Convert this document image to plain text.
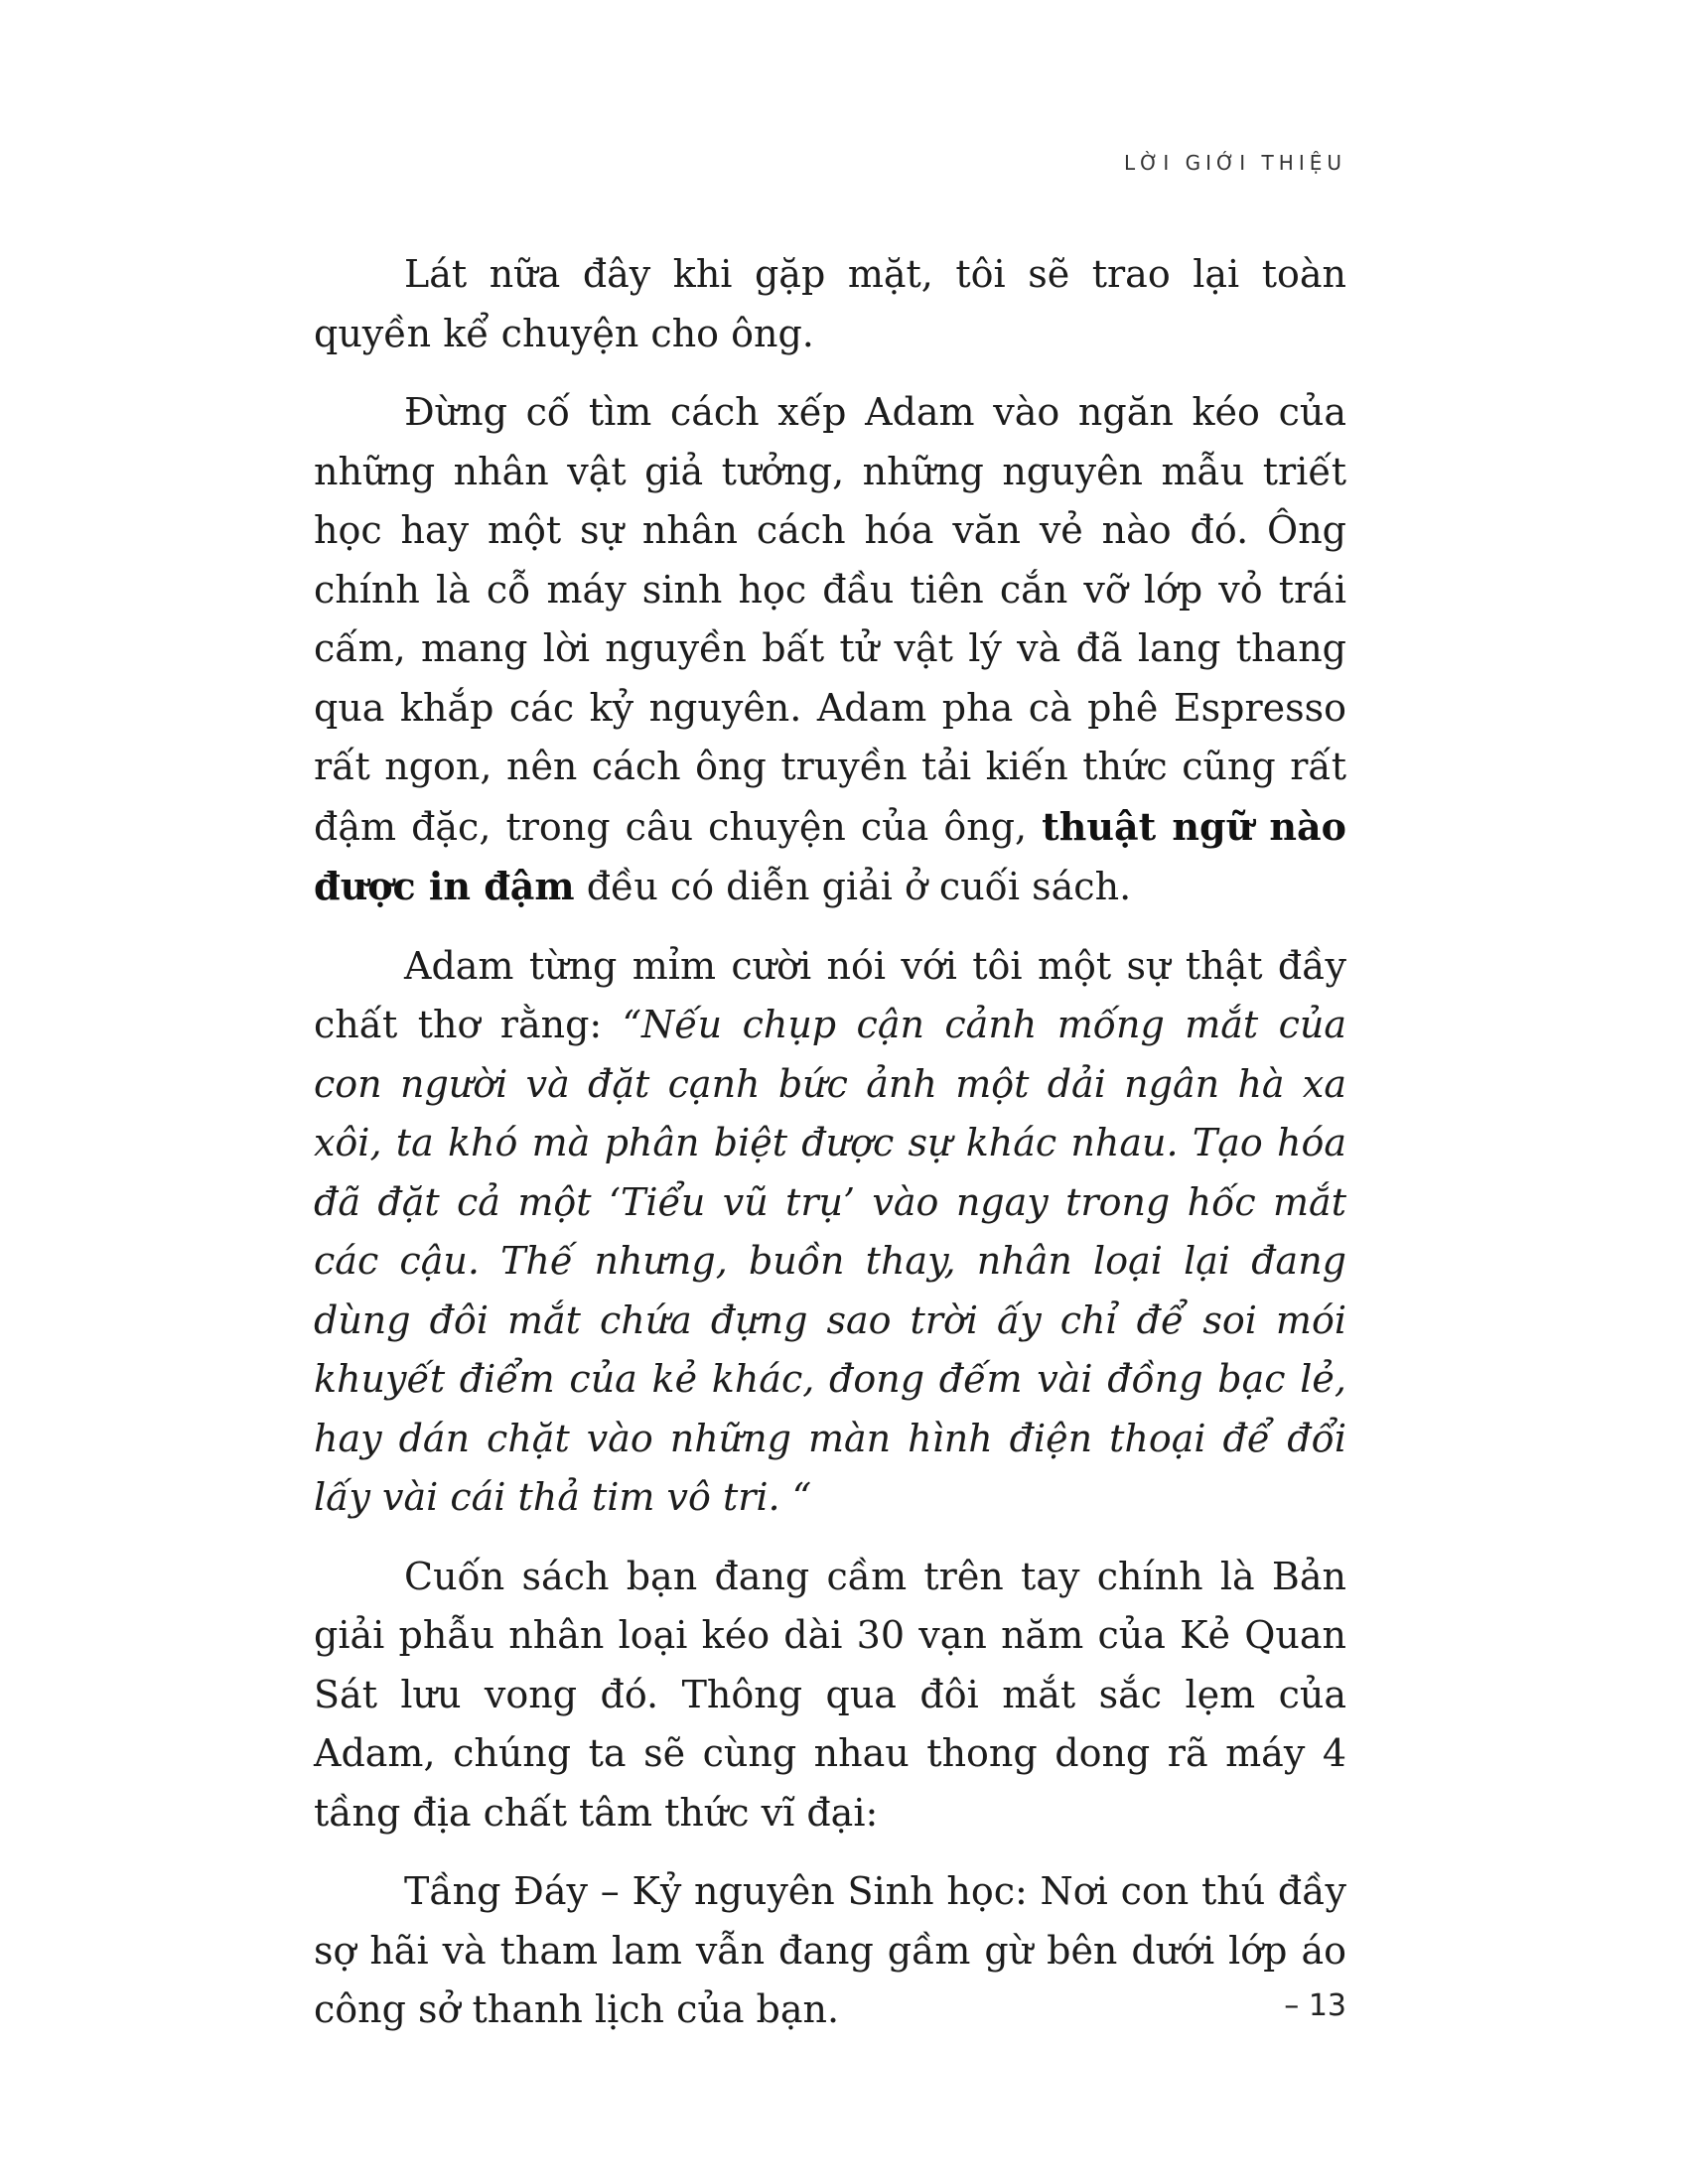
LỜI GIỚI THIỆU

Lát nữa đây khi gặp mặt, tôi sẽ trao lại toàn quyền kể chuyện cho ông.

Đừng cố tìm cách xếp Adam vào ngăn kéo của những nhân vật giả tưởng, những nguyên mẫu triết học hay một sự nhân cách hóa văn vẻ nào đó. Ông chính là cỗ máy sinh học đầu tiên cắn vỡ lớp vỏ trái cấm, mang lời nguyền bất tử vật lý và đã lang thang qua khắp các kỷ nguyên. Adam pha cà phê Espresso rất ngon, nên cách ông truyền tải kiến thức cũng rất đậm đặc, trong câu chuyện của ông, thuật ngữ nào được in đậm đều có diễn giải ở cuối sách.

Adam từng mỉm cười nói với tôi một sự thật đầy chất thơ rằng: “Nếu chụp cận cảnh mống mắt của con người và đặt cạnh bức ảnh một dải ngân hà xa xôi, ta khó mà phân biệt được sự khác nhau. Tạo hóa đã đặt cả một ‘Tiểu vũ trụ’ vào ngay trong hốc mắt các cậu. Thế nhưng, buồn thay, nhân loại lại đang dùng đôi mắt chứa đựng sao trời ấy chỉ để soi mói khuyết điểm của kẻ khác, đong đếm vài đồng bạc lẻ, hay dán chặt vào những màn hình điện thoại để đổi lấy vài cái thả tim vô tri. “

Cuốn sách bạn đang cầm trên tay chính là Bản giải phẫu nhân loại kéo dài 30 vạn năm của Kẻ Quan Sát lưu vong đó. Thông qua đôi mắt sắc lẹm của Adam, chúng ta sẽ cùng nhau thong dong rã máy 4 tầng địa chất tâm thức vĩ đại:

Tầng Đáy – Kỷ nguyên Sinh học: Nơi con thú đầy sợ hãi và tham lam vẫn đang gầm gừ bên dưới lớp áo công sở thanh lịch của bạn.	– 13
